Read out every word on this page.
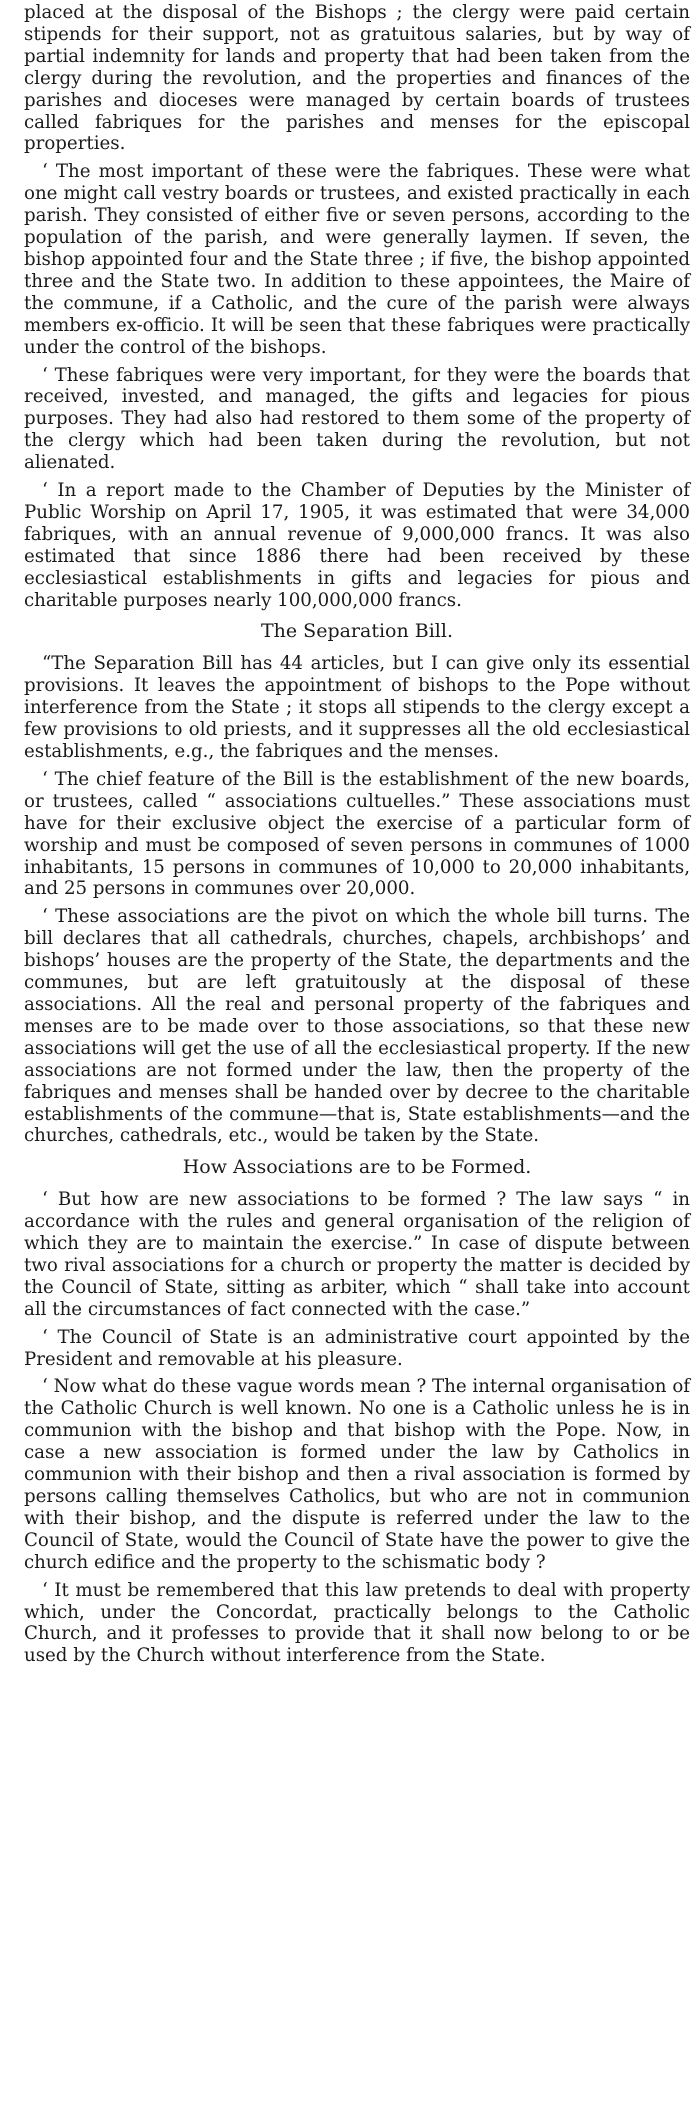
placed at the disposal of the Bishops ; the clergy were paid certain stipends for their support, not as gratuitous salaries, but by way of partial indemnity for lands and property that had been taken from the clergy during the revolution, and the properties and finances of the parishes and dioceses were managed by certain boards of trustees called fabriques for the parishes and menses for the episcopal properties.

‘ The most important of these were the fabriques. These were what one might call vestry boards or trustees, and existed practically in each parish. They consisted of either five or seven persons, according to the population of the parish, and were generally laymen. If seven, the bishop appointed four and the State three ; if five, the bishop appointed three and the State two. In addition to these appointees, the Maire of the commune, if a Catholic, and the cure of the parish were always members ex-officio. It will be seen that these fabriques were practically under the control of the bishops.

‘ These fabriques were very important, for they were the boards that received, invested, and managed, the gifts and legacies for pious purposes. They had also had restored to them some of the property of the clergy which had been taken during the revolution, but not alienated.

‘ In a report made to the Chamber of Deputies by the Minister of Public Worship on April 17, 1905, it was estimated that were 34,000 fabriques, with an annual revenue of 9,000,000 francs. It was also estimated that since 1886 there had been received by these ecclesiastical establishments in gifts and legacies for pious and charitable purposes nearly 100,000,000 francs.

The Separation Bill.

“The Separation Bill has 44 articles, but I can give only its essential provisions. It leaves the appointment of bishops to the Pope without interference from the State ; it stops all stipends to the clergy except a few provisions to old priests, and it suppresses all the old ecclesiastical establishments, e.g., the fabriques and the menses.

‘ The chief feature of the Bill is the establishment of the new boards, or trustees, called “ associations cultuelles.” These associations must have for their exclusive object the exercise of a particular form of worship and must be composed of seven persons in communes of 1000 inhabitants, 15 persons in communes of 10,000 to 20,000 inhabitants, and 25 persons in communes over 20,000.

‘ These associations are the pivot on which the whole bill turns. The bill declares that all cathedrals, churches, chapels, archbishops’ and bishops’ houses are the property of the State, the departments and the communes, but are left gratuitously at the disposal of these associations. All the real and personal property of the fabriques and menses are to be made over to those associations, so that these new associations will get the use of all the ecclesiastical property. If the new associations are not formed under the law, then the property of the fabriques and menses shall be handed over by decree to the charitable establishments of the commune—that is, State establishments—and the churches, cathedrals, etc., would be taken by the State.

How Associations are to be Formed.

‘ But how are new associations to be formed ? The law says “ in accordance with the rules and general organisation of the religion of which they are to maintain the exercise.” In case of dispute between two rival associations for a church or property the matter is decided by the Council of State, sitting as arbiter, which “ shall take into account all the circumstances of fact connected with the case.”

‘ The Council of State is an administrative court appointed by the President and removable at his pleasure.

‘ Now what do these vague words mean ? The internal organisation of the Catholic Church is well known. No one is a Catholic unless he is in communion with the bishop and that bishop with the Pope. Now, in case a new association is formed under the law by Catholics in communion with their bishop and then a rival association is formed by persons calling themselves Catholics, but who are not in communion with their bishop, and the dispute is referred under the law to the Council of State, would the Council of State have the power to give the church edifice and the property to the schismatic body ?

‘ It must be remembered that this law pretends to deal with property which, under the Concordat, practically belongs to the Catholic Church, and it professes to provide that it shall now belong to or be used by the Church without interference from the State.
